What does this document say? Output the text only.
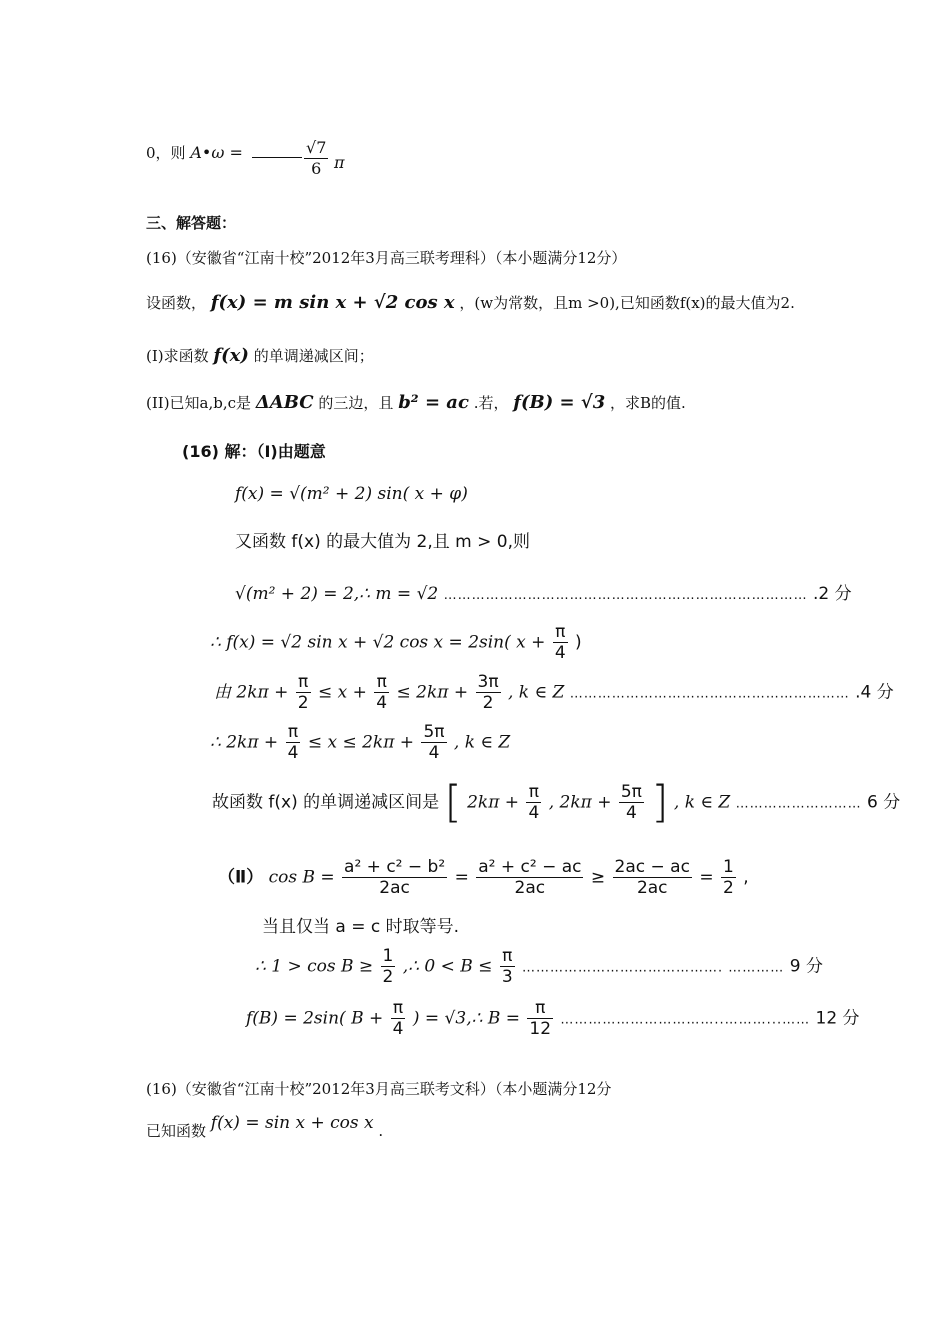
0，则 A•ω =	$\frac{√7}{6}$ π
三、解答题：
(16)（安徽省“江南十校”2012年3月高三联考理科）（本小题满分12分）
设函数， f(x) = m sin x + √2 cos x ，(w为常数，且m >0),已知函数f(x)的最大值为2.
(I)求函数 f(x) 的单调递减区间；
(II)已知a,b,c是 ΔABC 的三边，且 b² = ac .若， f(B) = √3 ，求B的值.
(16) 解：（Ⅰ)由题意
f(x) = √(m² + 2) sin( x + φ)
又函数 f(x) 的最大值为 2,且 m > 0,则
√(m² + 2) = 2,∴ m = √2 …………………………………………………………………… .2 分
∴ f(x) = √2 sin x + √2 cos x = 2sin( $x + \frac{\pi}{4}$ )
由 $2k\pi + \frac{\pi}{2} \le x + \frac{\pi}{4} \le 2k\pi + \frac{3\pi}{2}$ , k ∈ Z …………………………………………………… .4 分
∴ $2k\pi + \frac{\pi}{4} \le x \le 2k\pi + \frac{5\pi}{4}$ , k ∈ Z
故函数 f(x) 的单调递减区间是 [ $2k\pi + \frac{\pi}{4}$ , $2k\pi + \frac{5\pi}{4}$ ] , k ∈ Z ……………………… 6 分
（Ⅱ） $\cos B = \frac{\text{a² + c² − b²}}{2ac} = \frac{\text{a² + c² − ac}}{2ac} \ge \frac{2ac - ac}{2ac} = \frac{1}{2}$ ,
当且仅当 a = c 时取等号.
∴ $1 > \cos B \ge \frac{1}{2}$ ,∴ $0 < B \le \frac{\pi}{3}$ ……………………………………. ………… 9 分
f(B) = 2sin( $B + \frac{\pi}{4}$ ) = √3,∴ $B = \frac{\pi}{12}$ ……………………………..………...…… 12 分
(16)（安徽省“江南十校”2012年3月高三联考文科）（本小题满分12分
已知函数 f(x) = sin x + cos x .
